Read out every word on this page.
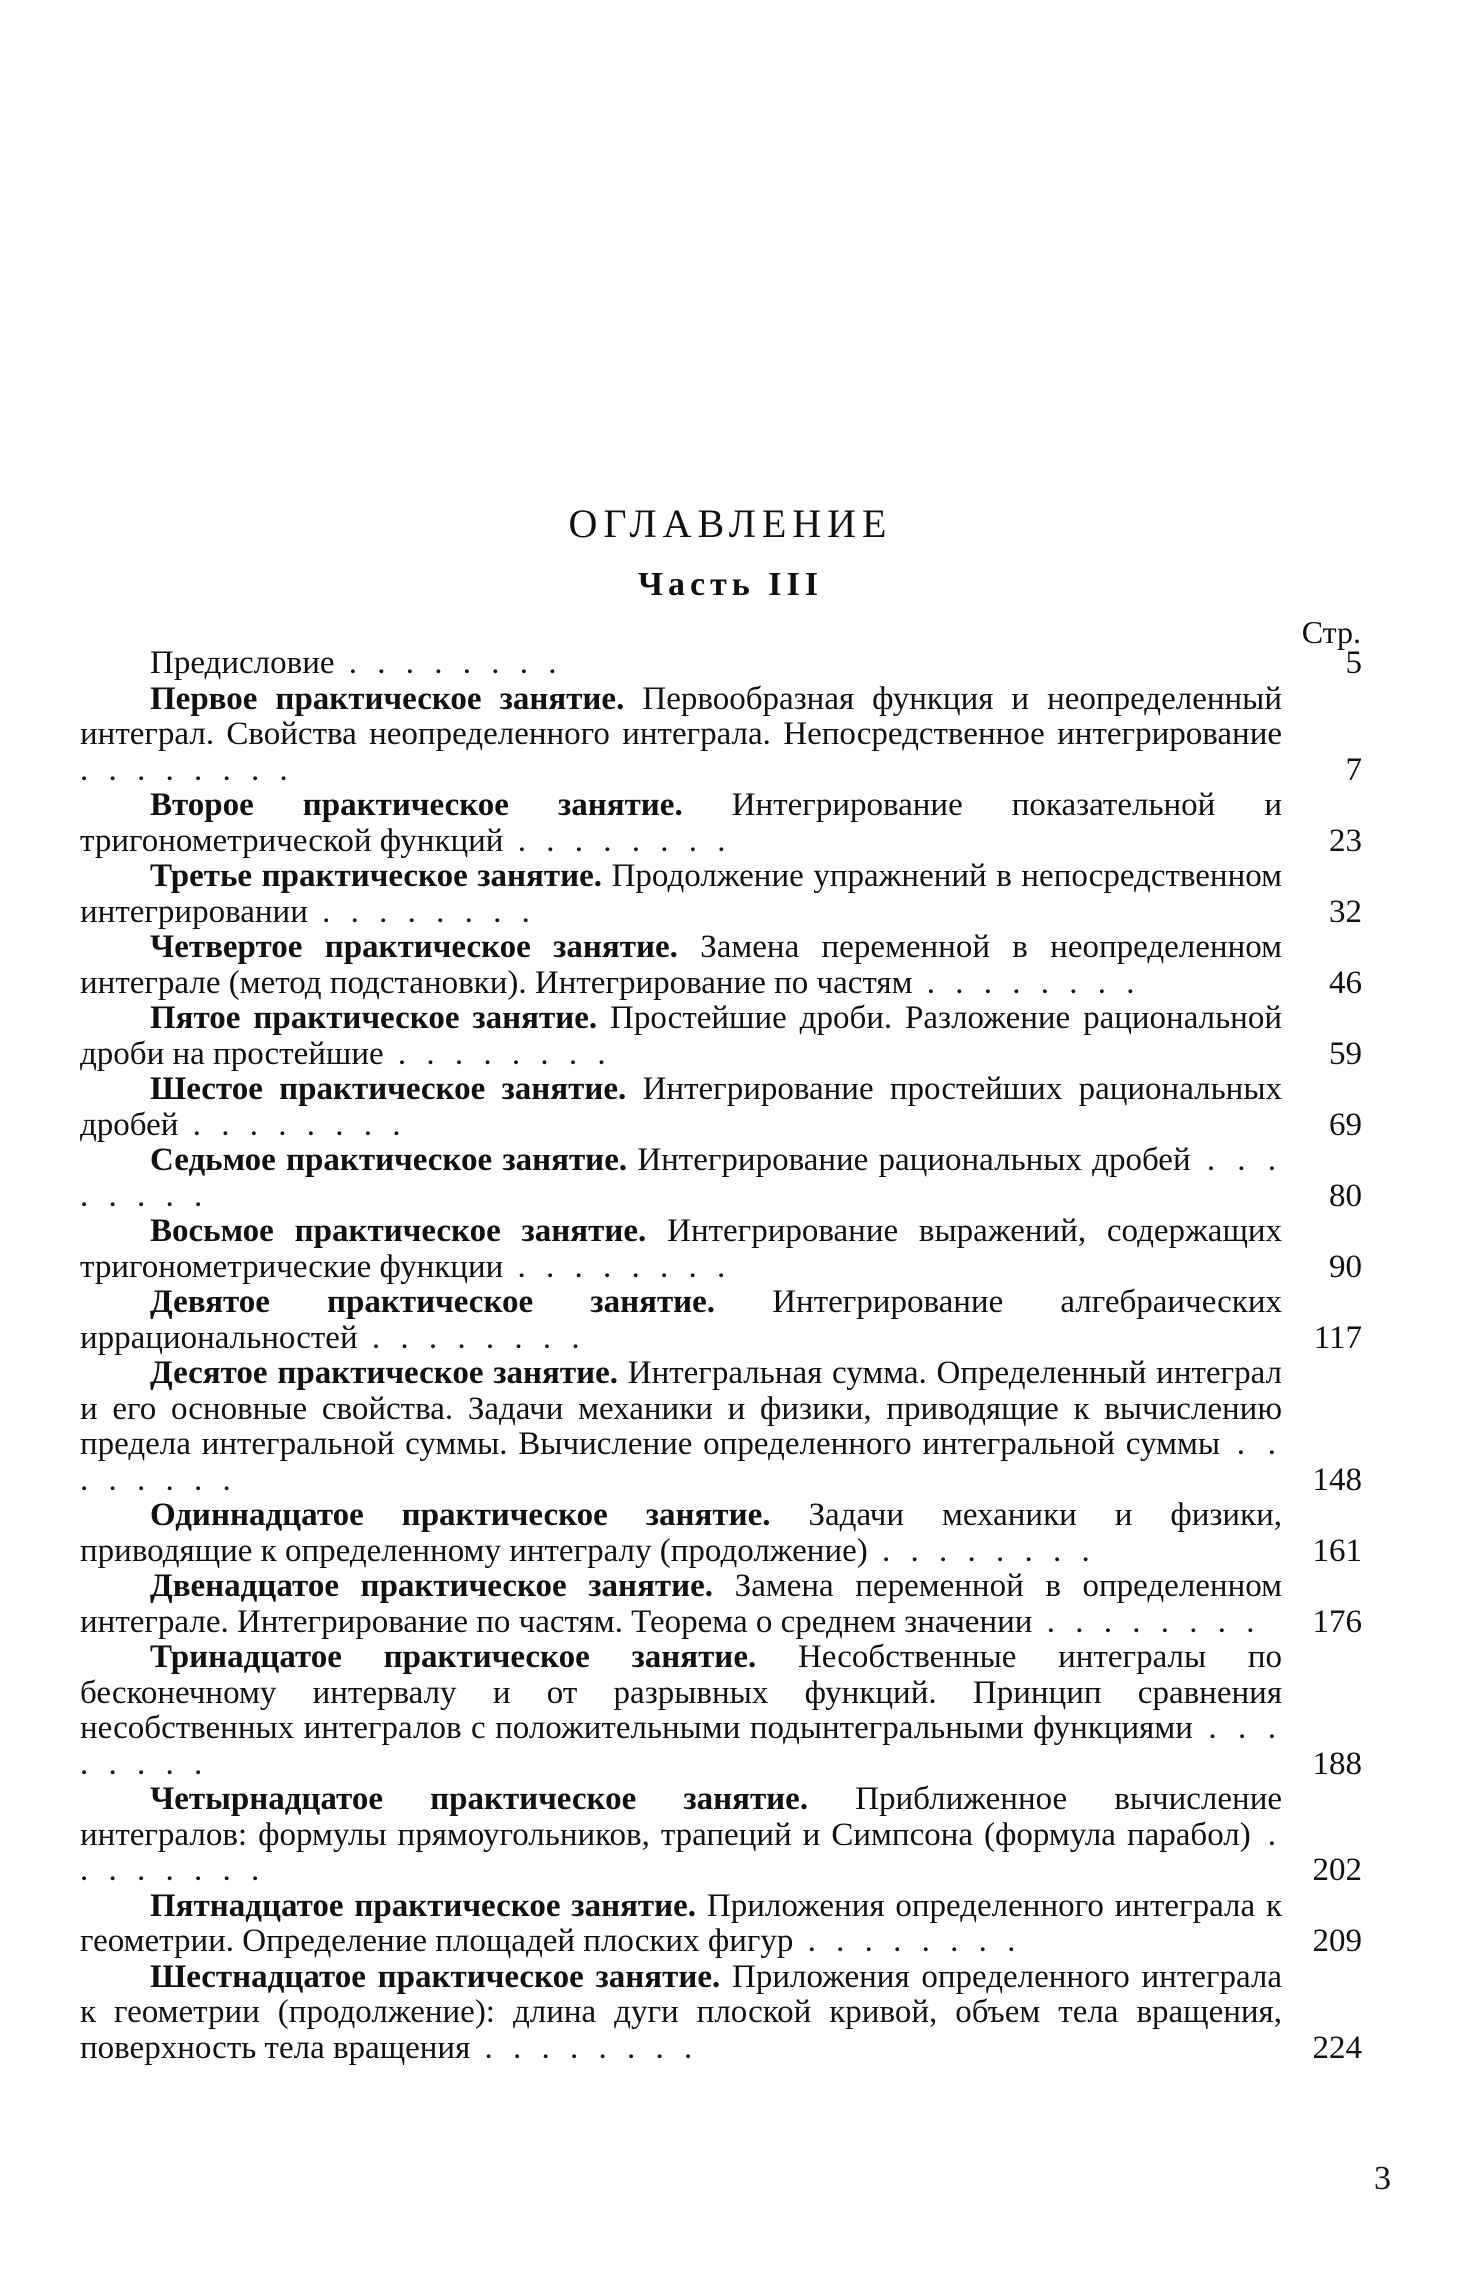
ОГЛАВЛЕНИЕ
Часть III
Стр.
Предисловие . . . . . . . .	5
Первое практическое занятие. Первообразная функция и неопределенный интеграл. Свойства неопределенного интеграла. Непосредственное интегрирование . . . . . . . .	7
Второе практическое занятие. Интегрирование показательной и тригонометрической функций . . . . . . . .	23
Третье практическое занятие. Продолжение упражнений в непосредственном интегрировании . . . . . . . .	32
Четвертое практическое занятие. Замена переменной в неопределенном интеграле (метод подстановки). Интегрирование по частям . . . . . . . .	46
Пятое практическое занятие. Простейшие дроби. Разложение рациональной дроби на простейшие . . . . . . . .	59
Шестое практическое занятие. Интегрирование простейших рациональных дробей . . . . . . . .	69
Седьмое практическое занятие. Интегрирование рациональных дробей . . . . . . . .	80
Восьмое практическое занятие. Интегрирование выражений, содержащих тригонометрические функции . . . . . . . .	90
Девятое практическое занятие. Интегрирование алгебраических иррациональностей . . . . . . . .	117
Десятое практическое занятие. Интегральная сумма. Определенный интеграл и его основные свойства. Задачи механики и физики, приводящие к вычислению предела интегральной суммы. Вычисление определенного интегральной суммы . . . . . . . .	148
Одиннадцатое практическое занятие. Задачи механики и физики, приводящие к определенному интегралу (продолжение) . . . . . . . .	161
Двенадцатое практическое занятие. Замена переменной в определенном интеграле. Интегрирование по частям. Теорема о среднем значении . . . . . . . .	176
Тринадцатое практическое занятие. Несобственные интегралы по бесконечному интервалу и от разрывных функций. Принцип сравнения несобственных интегралов с положительными подынтегральными функциями . . . . . . . .	188
Четырнадцатое практическое занятие. Приближенное вычисление интегралов: формулы прямоугольников, трапеций и Симпсона (формула парабол) . . . . . . . .	202
Пятнадцатое практическое занятие. Приложения определенного интеграла к геометрии. Определение площадей плоских фигур . . . . . . . .	209
Шестнадцатое практическое занятие. Приложения определенного интеграла к геометрии (продолжение): длина дуги плоской кривой, объем тела вращения, поверхность тела вращения . . . . . . . .	224
3
